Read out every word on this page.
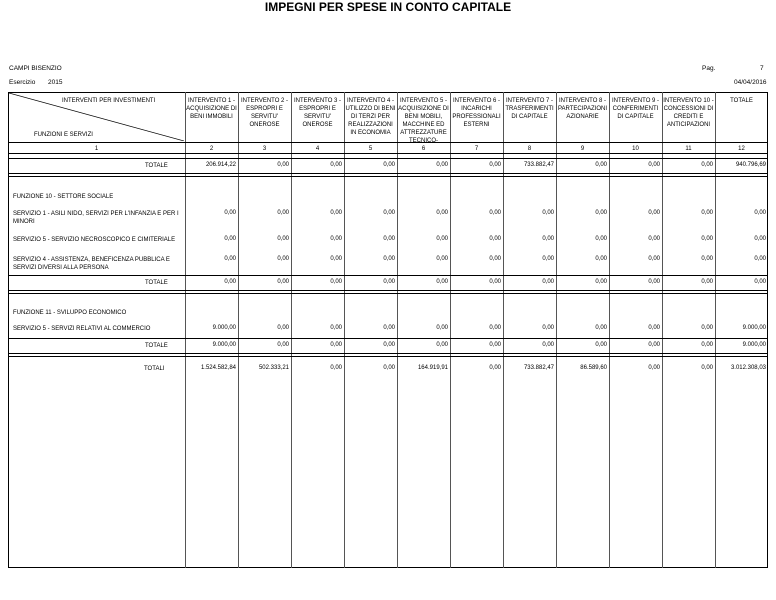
IMPEGNI PER SPESE IN CONTO CAPITALE
CAMPI BISENZIO	Pag.	7
Esercizio 2015	04/04/2016
INTERVENTI PER INVESTIMENTI
FUNZIONI E SERVIZI
INTERVENTO 1 - ACQUISIZIONE DI BENI IMMOBILI
INTERVENTO 2 - ESPROPRI E SERVITU' ONEROSE
INTERVENTO 3 - ESPROPRI E SERVITU' ONEROSE
INTERVENTO 4 - UTILIZZO DI BENI DI TERZI PER REALIZZAZIONI IN ECONOMIA
INTERVENTO 5 - ACQUISIZIONE DI BENI MOBILI, MACCHINE ED ATTREZZATURE TECNICO-
INTERVENTO 6 - INCARICHI PROFESSIONALI ESTERNI
INTERVENTO 7 - TRASFERIMENTI DI CAPITALE
INTERVENTO 8 - PARTECIPAZIONI AZIONARIE
INTERVENTO 9 - CONFERIMENTI DI CAPITALE
INTERVENTO 10 - CONCESSIONI DI CREDITI E ANTICIPAZIONI
TOTALE
1	2	3	4	5	6	7	8	9	10	11	12
TOTALE	206.914,22	0,00	0,00	0,00	0,00	0,00	733.882,47	0,00	0,00	0,00	940.796,69
FUNZIONE 10 - SETTORE SOCIALE
SERVIZIO 1 - ASILI NIDO, SERVIZI PER L'INFANZIA E PER I MINORI
0,00	0,00	0,00	0,00	0,00	0,00	0,00	0,00	0,00	0,00	0,00
SERVIZIO 5 - SERVIZIO NECROSCOPICO E CIMITERIALE	0,00	0,00	0,00	0,00	0,00	0,00	0,00	0,00	0,00	0,00	0,00
SERVIZIO 4 - ASSISTENZA, BENEFICENZA PUBBLICA E SERVIZI DIVERSI ALLA PERSONA
0,00	0,00	0,00	0,00	0,00	0,00	0,00	0,00	0,00	0,00	0,00
TOTALE	0,00	0,00	0,00	0,00	0,00	0,00	0,00	0,00	0,00	0,00	0,00
FUNZIONE 11 - SVILUPPO ECONOMICO
SERVIZIO 5 - SERVIZI RELATIVI AL COMMERCIO	9.000,00	0,00	0,00	0,00	0,00	0,00	0,00	0,00	0,00	0,00	9.000,00
TOTALE	9.000,00	0,00	0,00	0,00	0,00	0,00	0,00	0,00	0,00	0,00	9.000,00
TOTALI	1.524.582,84	502.333,21	0,00	0,00	164.919,91	0,00	733.882,47	86.589,60	0,00	0,00	3.012.308,03
